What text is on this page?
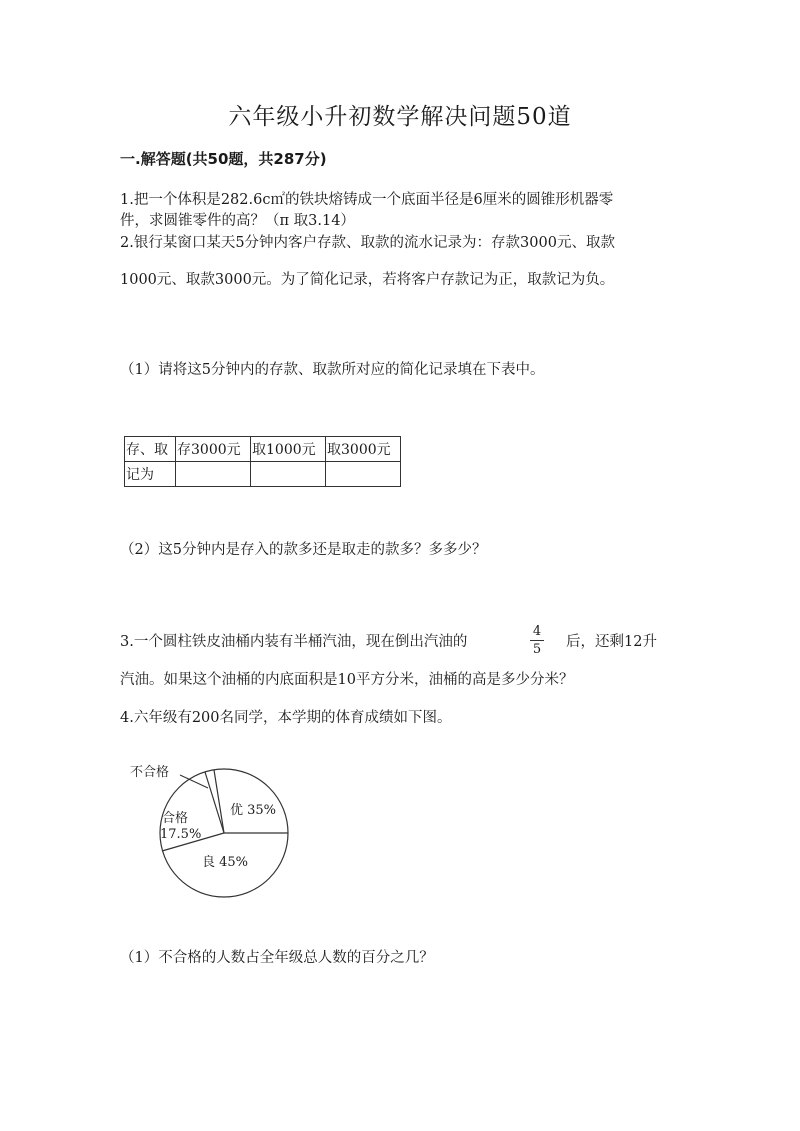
六年级小升初数学解决问题50道
一.解答题(共50题，共287分)
1.把一个体积是282.6c㎡的铁块熔铸成一个底面半径是6厘米的圆锥形机器零
件，求圆锥零件的高？（π 取3.14）
2.银行某窗口某天5分钟内客户存款、取款的流水记录为：存款3000元、取款
1000元、取款3000元。为了简化记录，若将客户存款记为正，取款记为负。
（1）请将这5分钟内的存款、取款所对应的简化记录填在下表中。
存、取	存3000元	取1000元	取3000元
记为			
（2）这5分钟内是存入的款多还是取走的款多？多多少？
3.一个圆柱铁皮油桶内装有半桶汽油，现在倒出汽油的
4
5 后，还剩12升
汽油。如果这个油桶的内底面积是10平方分米，油桶的高是多少分米？
4.六年级有200名同学，本学期的体育成绩如下图。
不合格
优 35%
合格
17.5%
良 45%
（1）不合格的人数占全年级总人数的百分之几？
